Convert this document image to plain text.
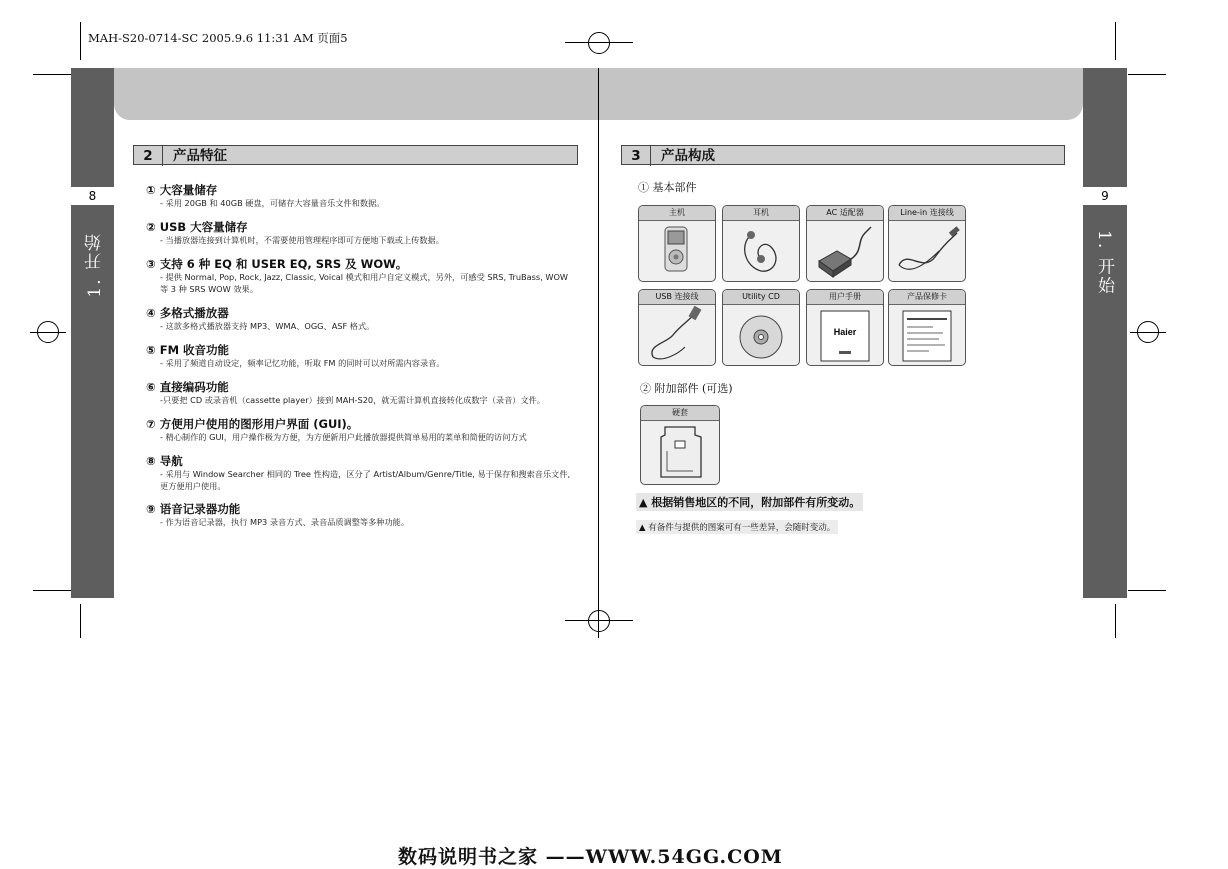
MAH-S20-0714-SC 2005.9.6 11:31 AM 页面5
8	9
1. 开始	1. 开始
2 产品特征
① 大容量储存
- 采用 20GB 和 40GB 硬盘，可储存大容量音乐文件和数据。
② USB 大容量储存
- 当播放器连接到计算机时，不需要使用管理程序即可方便地下载或上传数据。
③ 支持 6 种 EQ 和 USER EQ, SRS 及 WOW。
- 提供 Normal, Pop, Rock, Jazz, Classic, Voical 模式和用户自定义模式，另外，可感受 SRS, TruBass, WOW 等 3 种 SRS WOW 效果。
④ 多格式播放器
- 这款多格式播放器支持 MP3、WMA、OGG、ASF 格式。
⑤ FM 收音功能
- 采用了频道自动设定，频率记忆功能，听取 FM 的同时可以对所需内容录音。
⑥ 直接编码功能
-只要把 CD 或录音机（cassette player）接到 MAH-S20，就无需计算机直接转化成数字（录音）文件。
⑦ 方便用户使用的图形用户界面 (GUI)。
- 精心制作的 GUI，用户操作极为方便，为方便新用户此播放器提供简单易用的菜单和简便的访问方式
⑧ 导航
- 采用与 Window Searcher 相同的 Tree 性构造，区分了 Artist/Album/Genre/Title, 易于保存和搜索音乐文件, 更方便用户使用。
⑨ 语音记录器功能
- 作为语音记录器，执行 MP3 录音方式、录音品质调整等多种功能。
3 产品构成
① 基本部件
主机	耳机	AC 适配器	Line-in 连接线
USB 连接线	Utility CD	用户手册
Haier
产品保修卡
② 附加部件 (可选)
硬套
▲ 根据销售地区的不同，附加部件有所变动。
▲ 有备件与提供的图案可有一些差异，会随时变动。
数码说明书之家 ——WWW.54GG.COM
